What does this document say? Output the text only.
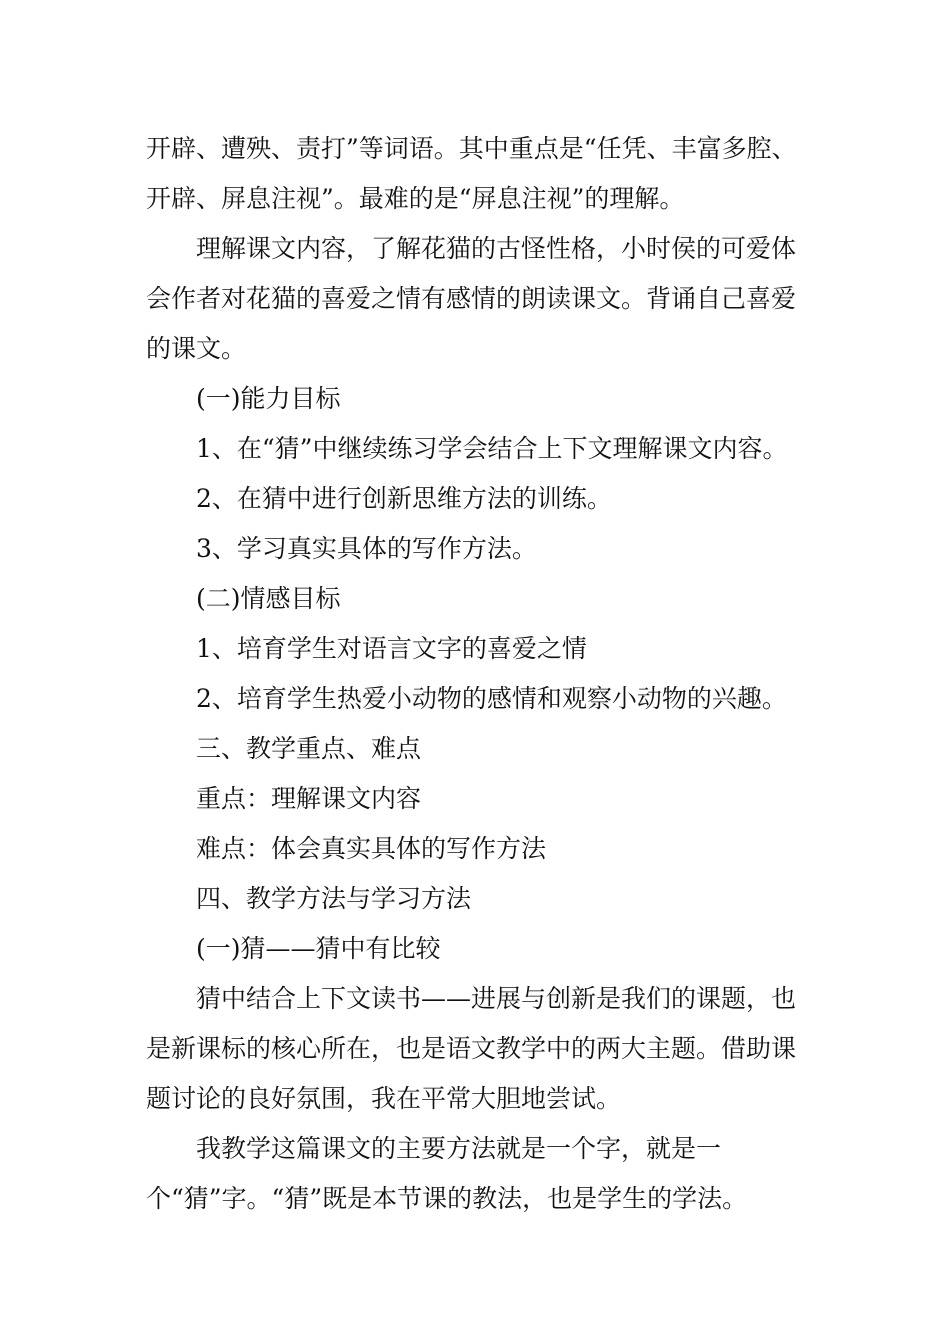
开辟、遭殃、责打”等词语。其中重点是“任凭、丰富多腔、开辟、屏息注视”。最难的是“屏息注视”的理解。

理解课文内容，了解花猫的古怪性格，小时侯的可爱体会作者对花猫的喜爱之情有感情的朗读课文。背诵自己喜爱的课文。

(一)能力目标

1、在“猜”中继续练习学会结合上下文理解课文内容。

2、在猜中进行创新思维方法的训练。

3、学习真实具体的写作方法。

(二)情感目标

1、培育学生对语言文字的喜爱之情

2、培育学生热爱小动物的感情和观察小动物的兴趣。

三、教学重点、难点

重点：理解课文内容

难点：体会真实具体的写作方法

四、教学方法与学习方法

(一)猜——猜中有比较

猜中结合上下文读书——进展与创新是我们的课题，也是新课标的核心所在，也是语文教学中的两大主题。借助课题讨论的良好氛围，我在平常大胆地尝试。

我教学这篇课文的主要方法就是一个字，就是一个“猜”字。“猜”既是本节课的教法，也是学生的学法。
